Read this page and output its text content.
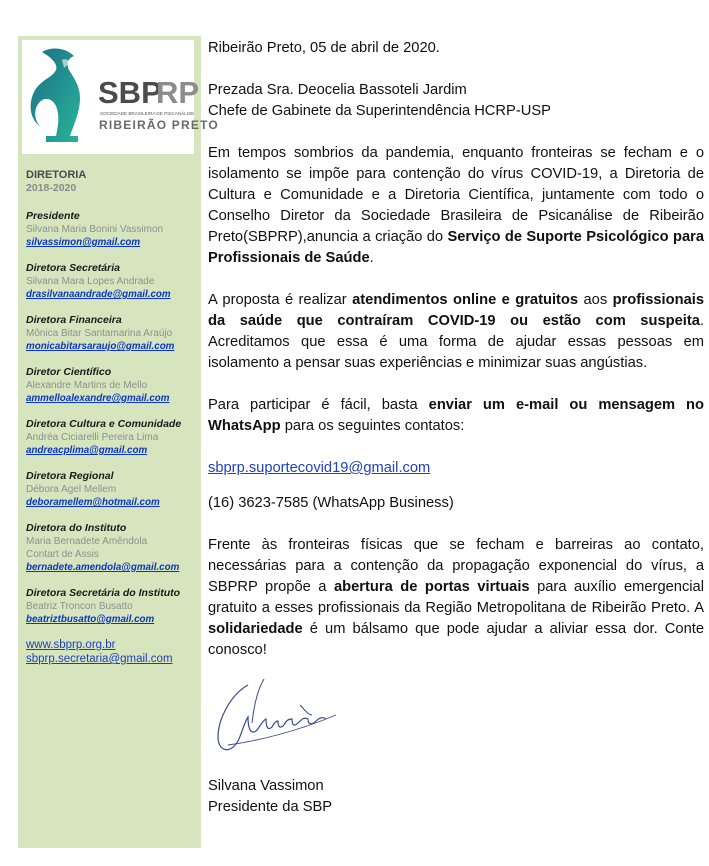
SBP
RP
SOCIEDADE BRASILEIRA DE PSICANÁLISE
RIBEIRÃO PRETO
DIRETORIA
2018-2020
Presidente
Silvana Maria Bonini Vassimon
silvassimon@gmail.com
Diretora Secretária
Silvana Mara Lopes Andrade
drasilvanaandrade@gmail.com
Diretora Financeira
Mônica Bitar Santamarina Araújo
monicabitarsaraujo@gmail.com
Diretor Científico
Alexandre Martins de Mello
ammelloalexandre@gmail.com
Diretora Cultura e Comunidade
Andréa Ciciarelli Pereira Lima
andreacplima@gmail.com
Diretora Regional
Débora Agel Mellem
deboramellem@hotmail.com
Diretora do Instituto
Maria Bernadete Amêndola
Contart de Assis
bernadete.amendola@gmail.com
Diretora Secretária do Instituto
Beatriz Troncon Busatto
beatriztbusatto@gmail.com
www.sbprp.org.br
sbprp.secretaria@gmail.com

Ribeirão Preto, 05 de abril de 2020.

Prezada Sra. Deocelia Bassoteli Jardim

Chefe de Gabinete da Superintendência HCRP-USP

Em tempos sombrios da pandemia, enquanto fronteiras se fecham e o isolamento se impõe para contenção do vírus COVID-19, a Diretoria de Cultura e Comunidade e a Diretoria Científica, juntamente com todo o Conselho Diretor da Sociedade Brasileira de Psicanálise de Ribeirão Preto(SBPRP),anuncia a criação do Serviço de Suporte Psicológico para Profissionais de Saúde.

A proposta é realizar atendimentos online e gratuitos aos profissionais da saúde que contraíram COVID-19 ou estão com suspeita. Acreditamos que essa é uma forma de ajudar essas pessoas em isolamento a pensar suas experiências e minimizar suas angústias.

Para participar é fácil, basta enviar um e-mail ou mensagem no WhatsApp para os seguintes contatos:

sbprp.suportecovid19@gmail.com

(16) 3623-7585 (WhatsApp Business)

Frente às fronteiras físicas que se fecham e barreiras ao contato, necessárias para a contenção da propagação exponencial do vírus, a SBPRP propõe a abertura de portas virtuais para auxílio emergencial gratuito a esses profissionais da Região Metropolitana de Ribeirão Preto. A solidariedade é um bálsamo que pode ajudar a aliviar essa dor. Conte conosco!

Silvana Vassimon
Presidente da SBP
